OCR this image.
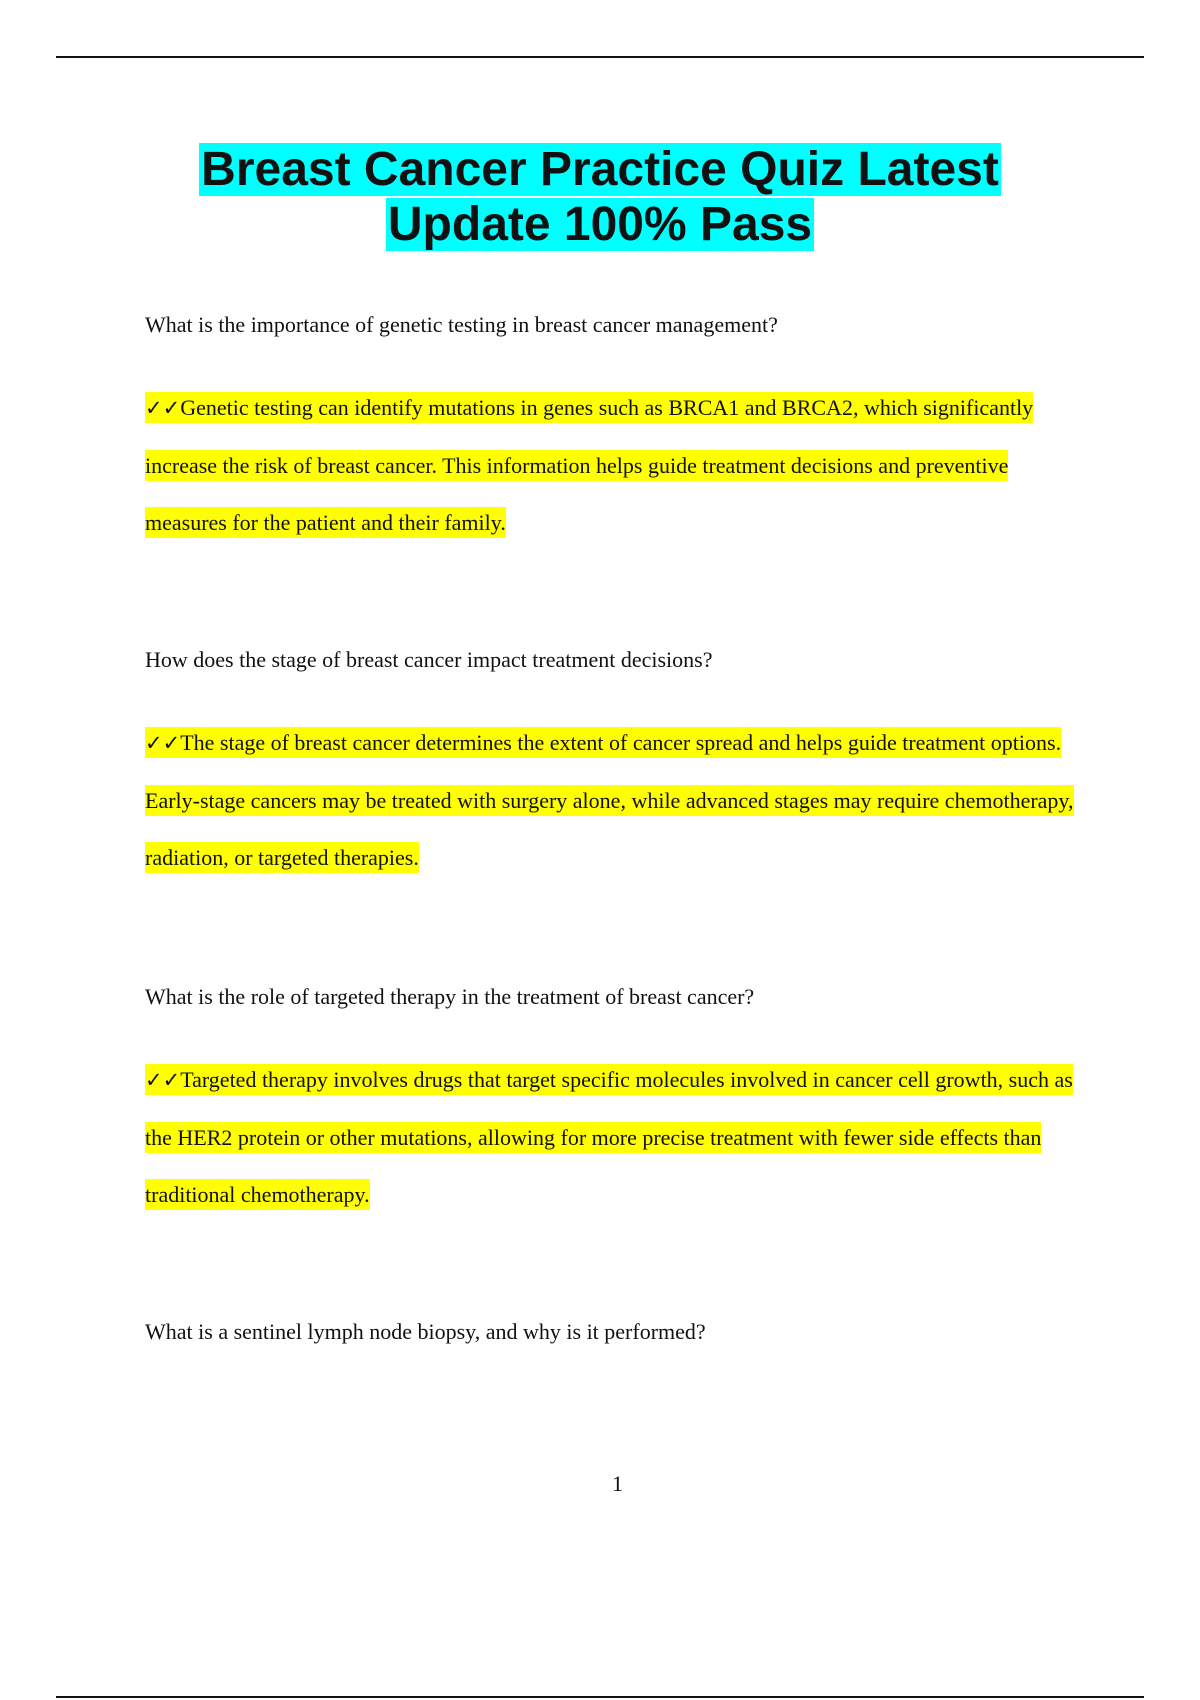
Breast Cancer Practice Quiz Latest
Update 100% Pass

What is the importance of genetic testing in breast cancer management?

✓✓Genetic testing can identify mutations in genes such as BRCA1 and BRCA2, which significantly increase the risk of breast cancer. This information helps guide treatment decisions and preventive measures for the patient and their family.

How does the stage of breast cancer impact treatment decisions?

✓✓The stage of breast cancer determines the extent of cancer spread and helps guide treatment options. Early-stage cancers may be treated with surgery alone, while advanced stages may require chemotherapy, radiation, or targeted therapies.

What is the role of targeted therapy in the treatment of breast cancer?

✓✓Targeted therapy involves drugs that target specific molecules involved in cancer cell growth, such as the HER2 protein or other mutations, allowing for more precise treatment with fewer side effects than traditional chemotherapy.

What is a sentinel lymph node biopsy, and why is it performed?

1
